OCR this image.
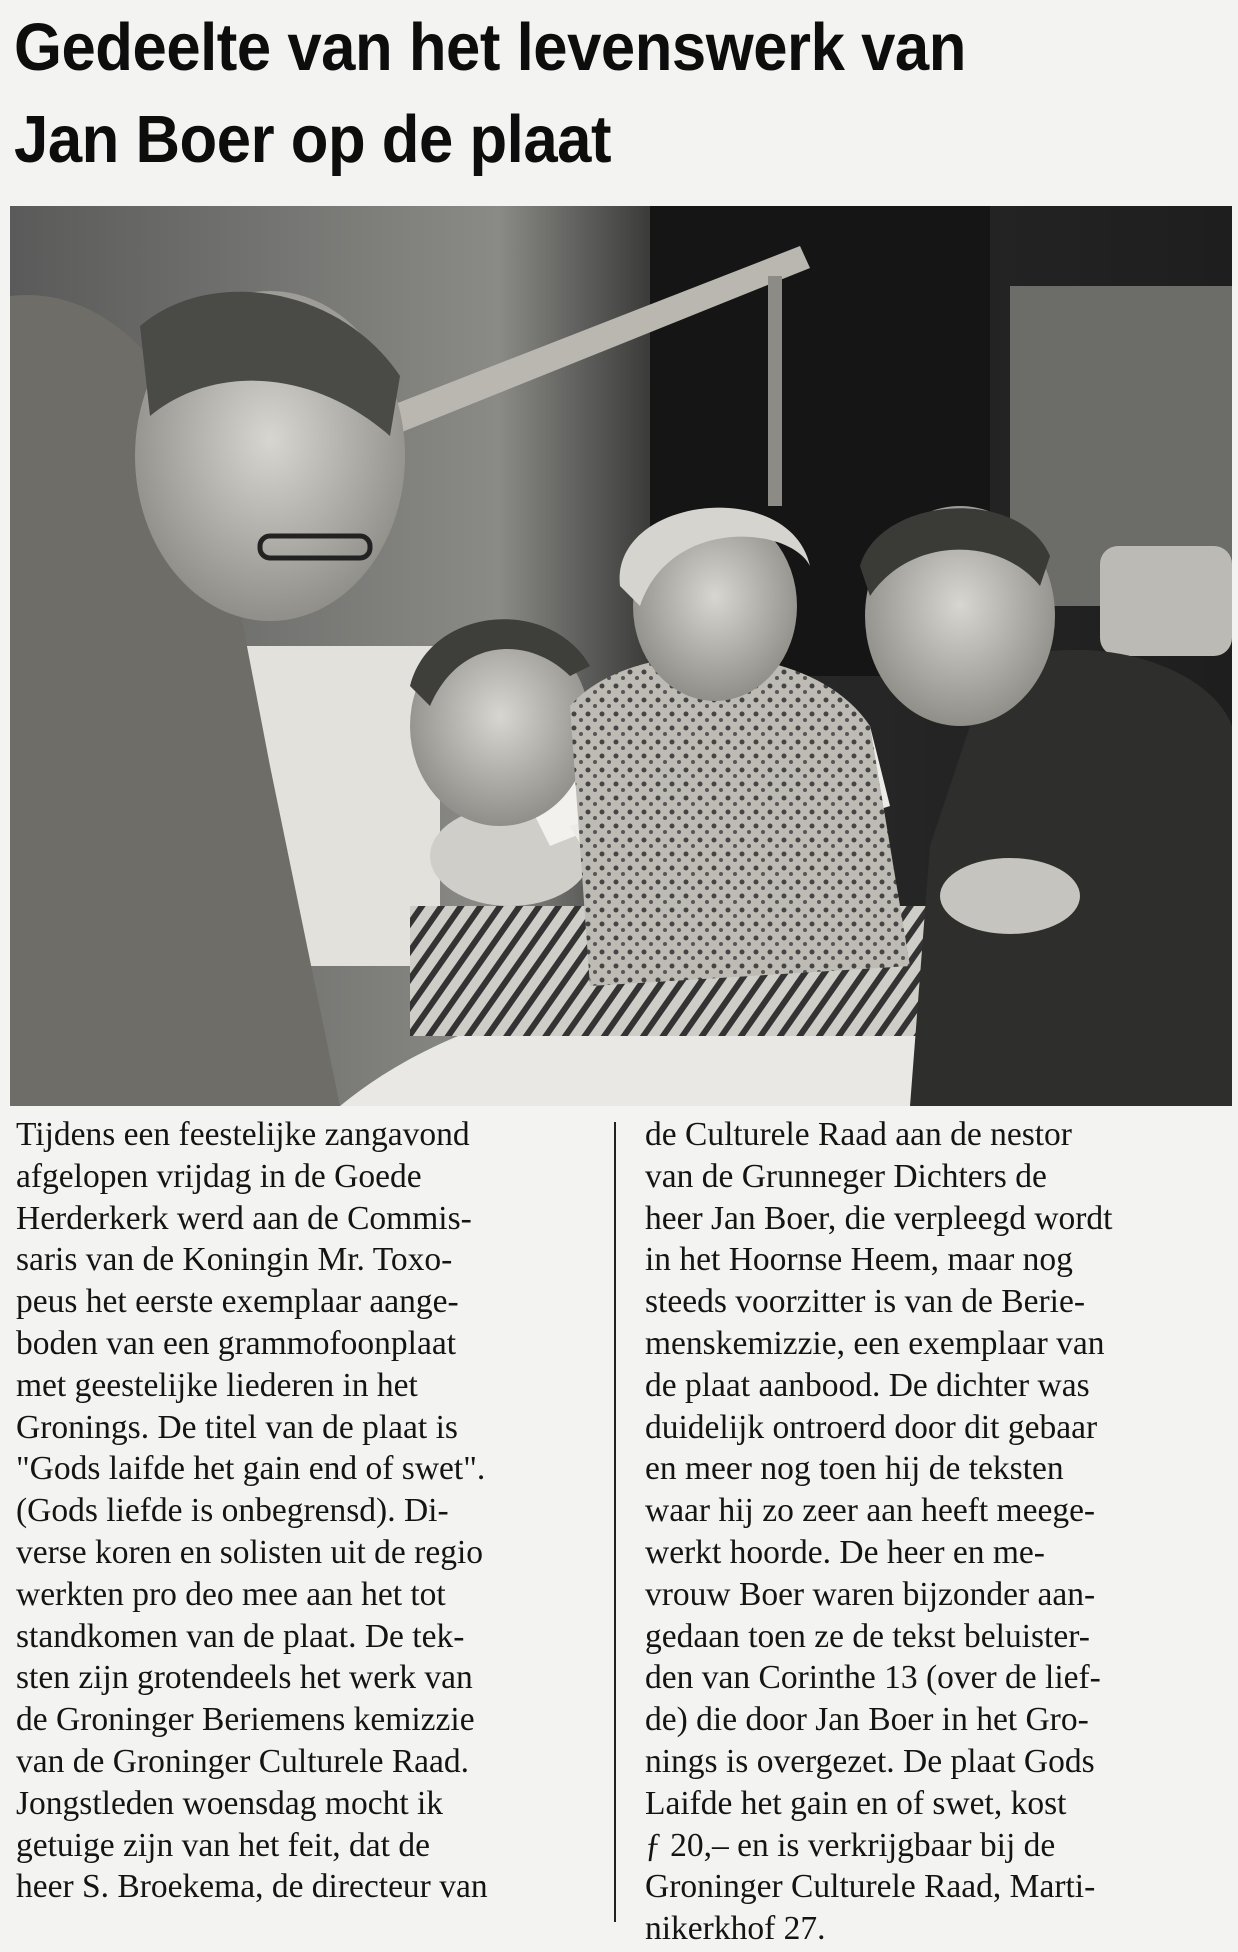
Gedeelte van het levenswerk van
Jan Boer op de plaat

Tijdens een feestelijke zangavond
afgelopen vrijdag in de Goede
Herderkerk werd aan de Commis-
saris van de Koningin Mr. Toxo-
peus het eerste exemplaar aange-
boden van een grammofoonplaat
met geestelijke liederen in het
Gronings. De titel van de plaat is
"Gods laifde het gain end of swet".
(Gods liefde is onbegrensd). Di-
verse koren en solisten uit de regio
werkten pro deo mee aan het tot
standkomen van de plaat. De tek-
sten zijn grotendeels het werk van
de Groninger Beriemens kemizzie
van de Groninger Culturele Raad.
Jongstleden woensdag mocht ik
getuige zijn van het feit, dat de
heer S. Broekema, de directeur van

de Culturele Raad aan de nestor
van de Grunneger Dichters de
heer Jan Boer, die verpleegd wordt
in het Hoornse Heem, maar nog
steeds voorzitter is van de Berie-
menskemizzie, een exemplaar van
de plaat aanbood. De dichter was
duidelijk ontroerd door dit gebaar
en meer nog toen hij de teksten
waar hij zo zeer aan heeft meege-
werkt hoorde. De heer en me-
vrouw Boer waren bijzonder aan-
gedaan toen ze de tekst beluister-
den van Corinthe 13 (over de lief-
de) die door Jan Boer in het Gro-
nings is overgezet. De plaat Gods
Laifde het gain en of swet, kost
ƒ 20,– en is verkrijgbaar bij de
Groninger Culturele Raad, Marti-
nikerkhof 27.
